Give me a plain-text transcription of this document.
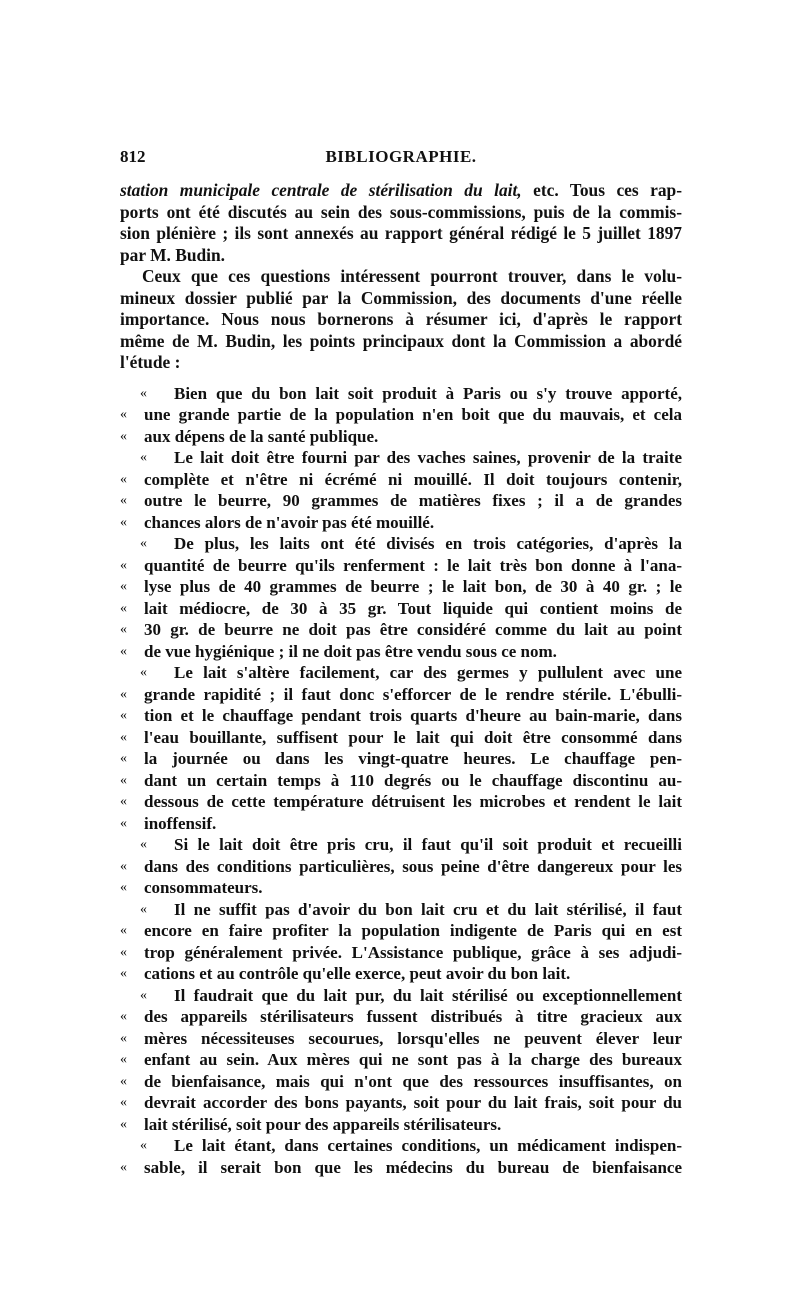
812	BIBLIOGRAPHIE.
station municipale centrale de stérilisation du lait, etc. Tous ces rap-
ports ont été discutés au sein des sous-commissions, puis de la commis-
sion plénière ; ils sont annexés au rapport général rédigé le 5 juillet 1897
par M. Budin.
Ceux que ces questions intéressent pourront trouver, dans le volu-
mineux dossier publié par la Commission, des documents d'une réelle
importance. Nous nous bornerons à résumer ici, d'après le rapport
même de M. Budin, les points principaux dont la Commission a abordé
l'étude :
«	Bien que du bon lait soit produit à Paris ou s'y trouve apporté,
«	une grande partie de la population n'en boit que du mauvais, et cela
«	aux dépens de la santé publique.
«	Le lait doit être fourni par des vaches saines, provenir de la traite
«	complète et n'être ni écrémé ni mouillé. Il doit toujours contenir,
«	outre le beurre, 90 grammes de matières fixes ; il a de grandes
«	chances alors de n'avoir pas été mouillé.
«	De plus, les laits ont été divisés en trois catégories, d'après la
«	quantité de beurre qu'ils renferment : le lait très bon donne à l'ana-
«	lyse plus de 40 grammes de beurre ; le lait bon, de 30 à 40 gr. ; le
«	lait médiocre, de 30 à 35 gr. Tout liquide qui contient moins de
«	30 gr. de beurre ne doit pas être considéré comme du lait au point
«	de vue hygiénique ; il ne doit pas être vendu sous ce nom.
«	Le lait s'altère facilement, car des germes y pullulent avec une
«	grande rapidité ; il faut donc s'efforcer de le rendre stérile. L'ébulli-
«	tion et le chauffage pendant trois quarts d'heure au bain-marie, dans
«	l'eau bouillante, suffisent pour le lait qui doit être consommé dans
«	la journée ou dans les vingt-quatre heures. Le chauffage pen-
«	dant un certain temps à 110 degrés ou le chauffage discontinu au-
«	dessous de cette température détruisent les microbes et rendent le lait
«	inoffensif.
«	Si le lait doit être pris cru, il faut qu'il soit produit et recueilli
«	dans des conditions particulières, sous peine d'être dangereux pour les
«	consommateurs.
«	Il ne suffit pas d'avoir du bon lait cru et du lait stérilisé, il faut
«	encore en faire profiter la population indigente de Paris qui en est
«	trop généralement privée. L'Assistance publique, grâce à ses adjudi-
«	cations et au contrôle qu'elle exerce, peut avoir du bon lait.
«	Il faudrait que du lait pur, du lait stérilisé ou exceptionnellement
«	des appareils stérilisateurs fussent distribués à titre gracieux aux
«	mères nécessiteuses secourues, lorsqu'elles ne peuvent élever leur
«	enfant au sein. Aux mères qui ne sont pas à la charge des bureaux
«	de bienfaisance, mais qui n'ont que des ressources insuffisantes, on
«	devrait accorder des bons payants, soit pour du lait frais, soit pour du
«	lait stérilisé, soit pour des appareils stérilisateurs.
«	Le lait étant, dans certaines conditions, un médicament indispen-
«	sable, il serait bon que les médecins du bureau de bienfaisance
